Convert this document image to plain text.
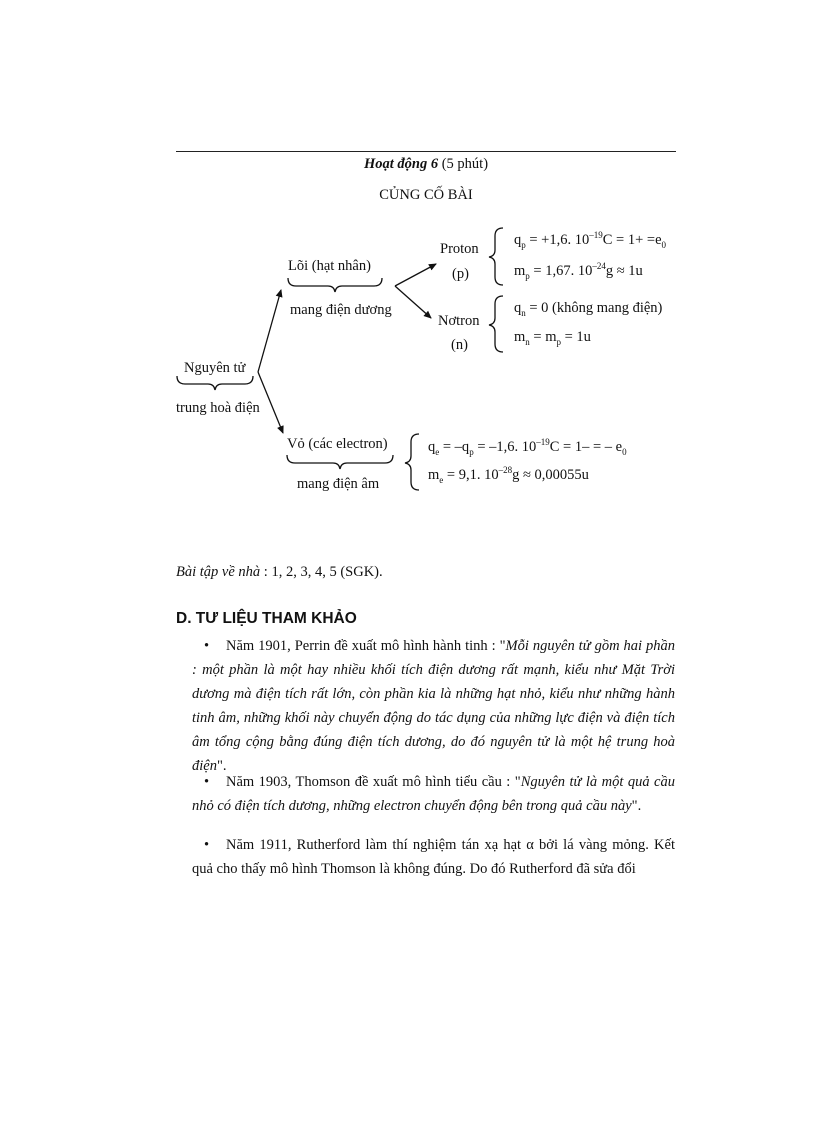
Hoạt động 6 (5 phút)
CỦNG CỐ BÀI
Nguyên tử
trung hoà điện
Lõi (hạt nhân)
mang điện dương
Vỏ (các electron)
mang điện âm
Proton
(p)
Nơtron
(n)
$q_p = +1,6$. $10^{-19}C = 1+ =e_0$
$m_p = 1,67$. $10^{-24}g \approx 1u$
$q_n = 0$ (không mang điện)
$m_n = m_p = 1u$
$q_e = -q_p = -1,6$. $10^{-19}C = 1-$ = – $e_0$
$m_e = 9,1$. $10^{-28}g \approx 0,00055u$
Bài tập về nhà : 1, 2, 3, 4, 5 (SGK).
D. TƯ LIỆU THAM KHẢO
• Năm 1901, Perrin đề xuất mô hình hành tinh : "Mỗi nguyên tử gồm hai phần : một phần là một hay nhiều khối tích điện dương rất mạnh, kiểu như Mặt Trời dương mà điện tích rất lớn, còn phần kia là những hạt nhỏ, kiểu như những hành tinh âm, những khối này chuyển động do tác dụng của những lực điện và điện tích âm tổng cộng bằng đúng điện tích dương, do đó nguyên tử là một hệ trung hoà điện".
• Năm 1903, Thomson đề xuất mô hình tiểu cầu : "Nguyên tử là một quả cầu nhỏ có điện tích dương, những electron chuyển động bên trong quả cầu này".
• Năm 1911, Rutherford làm thí nghiệm tán xạ hạt α bởi lá vàng mỏng. Kết quả cho thấy mô hình Thomson là không đúng. Do đó Rutherford đã sửa đổi
